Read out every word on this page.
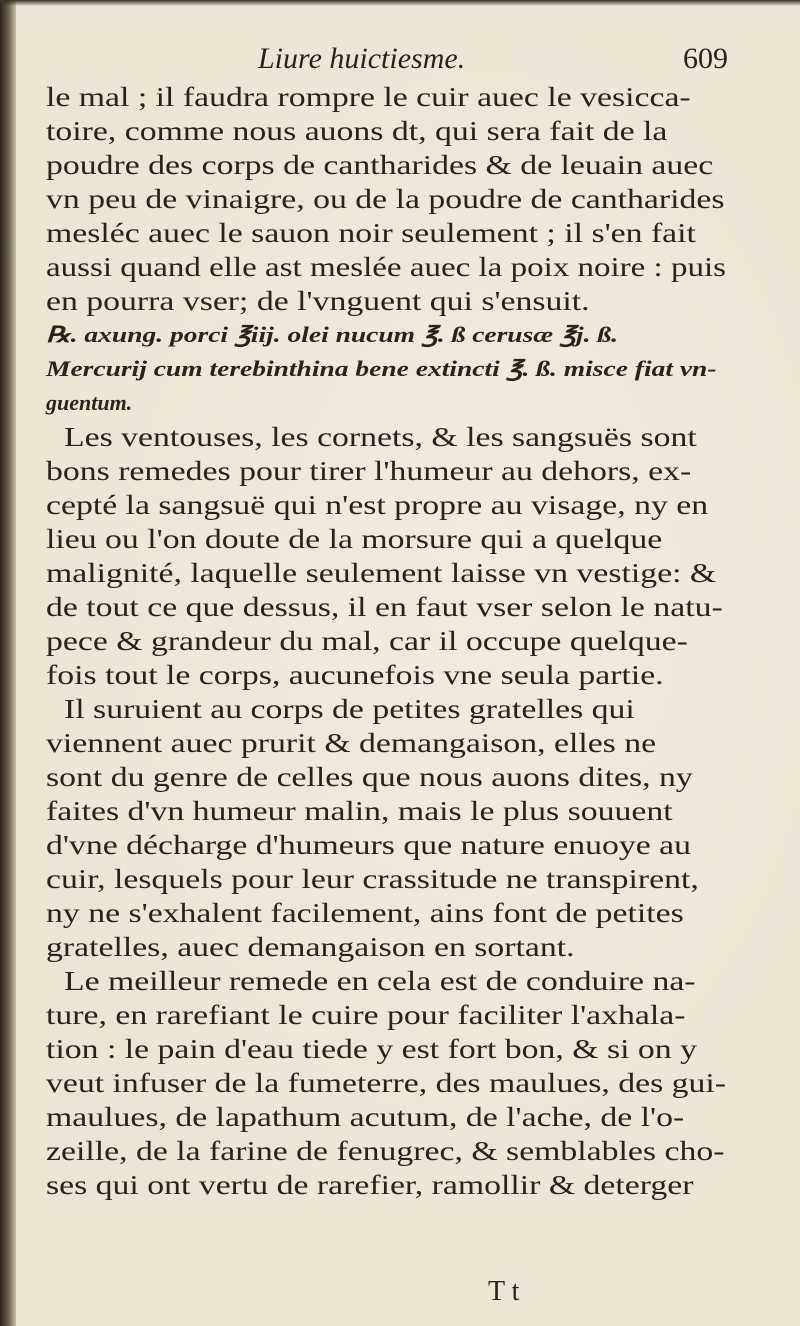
Liure huictiesme.	609
le mal ; il faudra rompre le cuir auec le vesicca-
toire, comme nous auons dt, qui sera fait de la
poudre des corps de cantharides & de leuain auec
vn peu de vinaigre, ou de la poudre de cantharides
mesléc auec le sauon noir seulement ; il s'en fait
aussi quand elle ast meslée auec la poix noire : puis
en pourra vser; de l'vnguent qui s'ensuit.
℞. axung. porci ℥iij. olei nucum ℥. ß cerusæ ℥j. ß.
Mercurij cum terebinthina bene extincti ℥. ß. misce fiat vn-
guentum.
Les ventouses, les cornets, & les sangsuës sont
bons remedes pour tirer l'humeur au dehors, ex-
cepté la sangsuë qui n'est propre au visage, ny en
lieu ou l'on doute de la morsure qui a quelque
malignité, laquelle seulement laisse vn vestige: &
de tout ce que dessus, il en faut vser selon le natu-
pece & grandeur du mal, car il occupe quelque-
fois tout le corps, aucunefois vne seula partie.
Il suruient au corps de petites gratelles qui
viennent auec prurit & demangaison, elles ne
sont du genre de celles que nous auons dites, ny
faites d'vn humeur malin, mais le plus souuent
d'vne décharge d'humeurs que nature enuoye au
cuir, lesquels pour leur crassitude ne transpirent,
ny ne s'exhalent facilement, ains font de petites
gratelles, auec demangaison en sortant.
Le meilleur remede en cela est de conduire na-
ture, en rarefiant le cuire pour faciliter l'axhala-
tion : le pain d'eau tiede y est fort bon, & si on y
veut infuser de la fumeterre, des maulues, des gui-
maulues, de lapathum acutum, de l'ache, de l'o-
zeille, de la farine de fenugrec, & semblables cho-
ses qui ont vertu de rarefier, ramollir & deterger
T t
